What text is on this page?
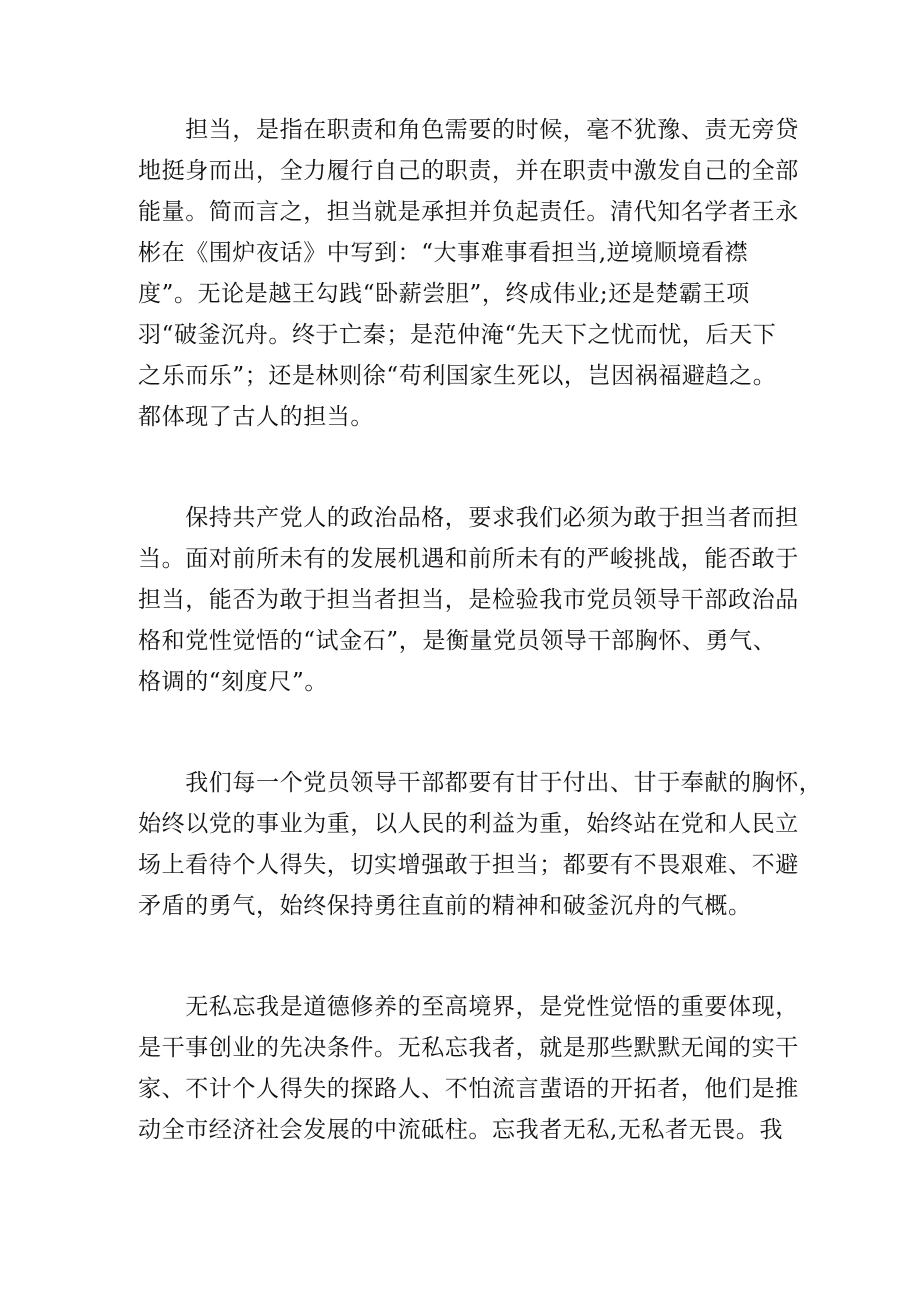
　　担当，是指在职责和角色需要的时候，毫不犹豫、责无旁贷
地挺身而出，全力履行自己的职责，并在职责中激发自己的全部
能量。简而言之，担当就是承担并负起责任。清代知名学者王永
彬在《围炉夜话》中写到：“大事难事看担当,逆境顺境看襟
度”。无论是越王勾践“卧薪尝胆”，终成伟业;还是楚霸王项
羽“破釜沉舟。终于亡秦；是范仲淹“先天下之忧而忧，后天下
之乐而乐”；还是林则徐“苟利国家生死以，岂因祸福避趋之。
都体现了古人的担当。
　　保持共产党人的政治品格，要求我们必须为敢于担当者而担
当。面对前所未有的发展机遇和前所未有的严峻挑战，能否敢于
担当，能否为敢于担当者担当，是检验我市党员领导干部政治品
格和党性觉悟的“试金石”，是衡量党员领导干部胸怀、勇气、
格调的“刻度尺”。
　　我们每一个党员领导干部都要有甘于付出、甘于奉献的胸怀，
始终以党的事业为重，以人民的利益为重，始终站在党和人民立
场上看待个人得失，切实增强敢于担当；都要有不畏艰难、不避
矛盾的勇气，始终保持勇往直前的精神和破釜沉舟的气概。
　　无私忘我是道德修养的至高境界，是党性觉悟的重要体现，
是干事创业的先决条件。无私忘我者，就是那些默默无闻的实干
家、不计个人得失的探路人、不怕流言蜚语的开拓者，他们是推
动全市经济社会发展的中流砥柱。忘我者无私,无私者无畏。我
